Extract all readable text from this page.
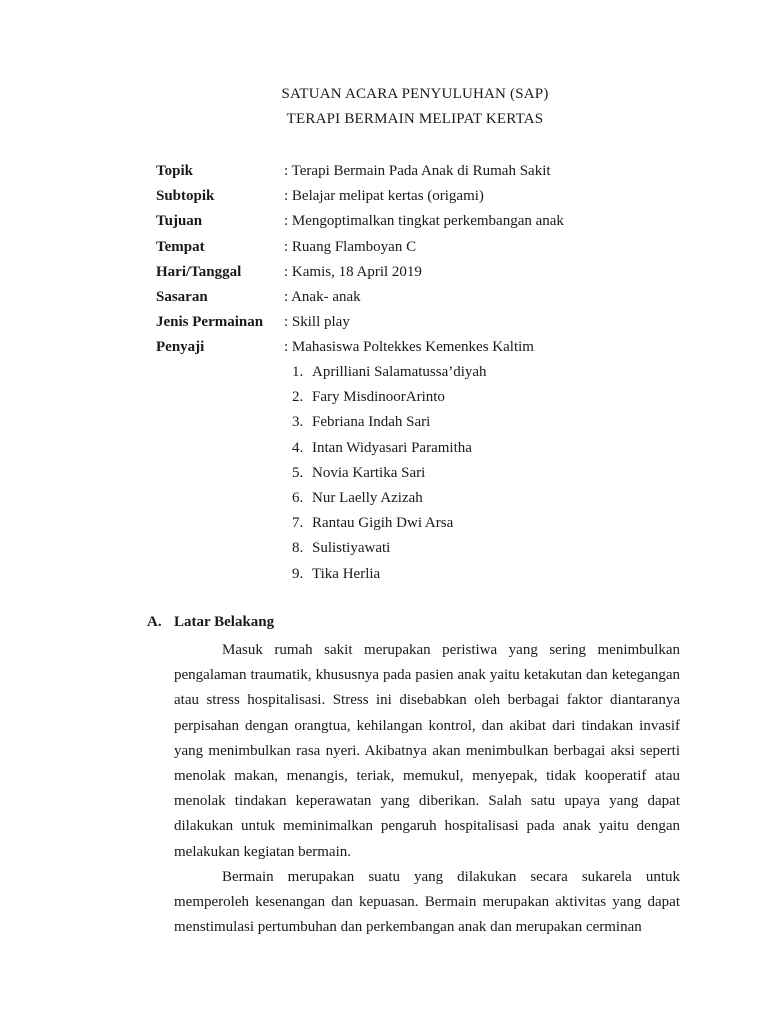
SATUAN ACARA PENYULUHAN (SAP)
TERAPI BERMAIN MELIPAT KERTAS
Topik	: Terapi Bermain Pada Anak di Rumah Sakit
Subtopik	: Belajar melipat kertas (origami)
Tujuan	: Mengoptimalkan tingkat perkembangan anak
Tempat	: Ruang Flamboyan C
Hari/Tanggal	: Kamis, 18 April 2019
Sasaran	: Anak- anak
Jenis Permainan : Skill play
Penyaji	: Mahasiswa Poltekkes Kemenkes Kaltim
1. Aprilliani Salamatussa’diyah
2. Fary MisdinoorArinto
3. Febriana Indah Sari
4. Intan Widyasari Paramitha
5. Novia Kartika Sari
6. Nur Laelly Azizah
7. Rantau Gigih Dwi Arsa
8. Sulistiyawati
9. Tika Herlia
A. Latar Belakang

Masuk rumah sakit merupakan peristiwa yang sering menimbulkan pengalaman traumatik, khususnya pada pasien anak yaitu ketakutan dan ketegangan atau stress hospitalisasi. Stress ini disebabkan oleh berbagai faktor diantaranya perpisahan dengan orangtua, kehilangan kontrol, dan akibat dari tindakan invasif yang menimbulkan rasa nyeri. Akibatnya akan menimbulkan berbagai aksi seperti menolak makan, menangis, teriak, memukul, menyepak, tidak kooperatif atau menolak tindakan keperawatan yang diberikan. Salah satu upaya yang dapat dilakukan untuk meminimalkan pengaruh hospitalisasi pada anak yaitu dengan melakukan kegiatan bermain.

Bermain merupakan suatu yang dilakukan secara sukarela untuk memperoleh kesenangan dan kepuasan. Bermain merupakan aktivitas yang dapat menstimulasi pertumbuhan dan perkembangan anak dan merupakan cerminan
